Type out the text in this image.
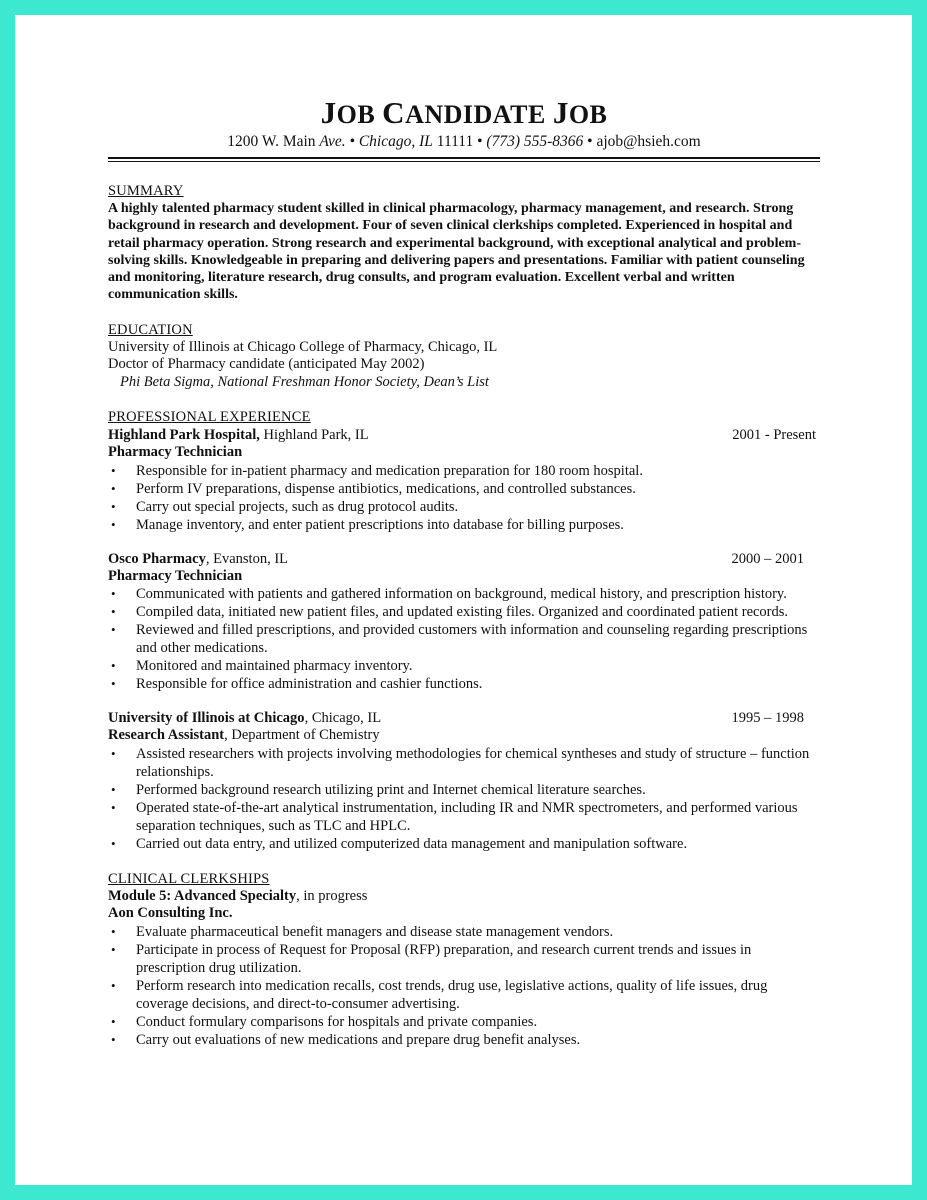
JOB CANDIDATE JOB
1200 W. Main Ave. • Chicago, IL 11111 • (773) 555-8366 • ajob@hsieh.com
SUMMARY
A highly talented pharmacy student skilled in clinical pharmacology, pharmacy management, and research. Strong background in research and development. Four of seven clinical clerkships completed. Experienced in hospital and retail pharmacy operation. Strong research and experimental background, with exceptional analytical and problem-solving skills. Knowledgeable in preparing and delivering papers and presentations. Familiar with patient counseling and monitoring, literature research, drug consults, and program evaluation. Excellent verbal and written communication skills.
EDUCATION
University of Illinois at Chicago College of Pharmacy, Chicago, IL
Doctor of Pharmacy candidate (anticipated May 2002)
Phi Beta Sigma, National Freshman Honor Society, Dean’s List
PROFESSIONAL EXPERIENCE
Highland Park Hospital, Highland Park, IL	2001 - Present
Pharmacy Technician
• Responsible for in-patient pharmacy and medication preparation for 180 room hospital.
• Perform IV preparations, dispense antibiotics, medications, and controlled substances.
• Carry out special projects, such as drug protocol audits.
• Manage inventory, and enter patient prescriptions into database for billing purposes.
Osco Pharmacy, Evanston, IL	2000 – 2001
Pharmacy Technician
• Communicated with patients and gathered information on background, medical history, and prescription history.
• Compiled data, initiated new patient files, and updated existing files. Organized and coordinated patient records.
• Reviewed and filled prescriptions, and provided customers with information and counseling regarding prescriptions and other medications.
• Monitored and maintained pharmacy inventory.
• Responsible for office administration and cashier functions.
University of Illinois at Chicago, Chicago, IL	1995 – 1998
Research Assistant, Department of Chemistry
• Assisted researchers with projects involving methodologies for chemical syntheses and study of structure – function relationships.
• Performed background research utilizing print and Internet chemical literature searches.
• Operated state-of-the-art analytical instrumentation, including IR and NMR spectrometers, and performed various separation techniques, such as TLC and HPLC.
• Carried out data entry, and utilized computerized data management and manipulation software.
CLINICAL CLERKSHIPS
Module 5: Advanced Specialty, in progress
Aon Consulting Inc.
• Evaluate pharmaceutical benefit managers and disease state management vendors.
• Participate in process of Request for Proposal (RFP) preparation, and research current trends and issues in prescription drug utilization.
• Perform research into medication recalls, cost trends, drug use, legislative actions, quality of life issues, drug coverage decisions, and direct-to-consumer advertising.
• Conduct formulary comparisons for hospitals and private companies.
• Carry out evaluations of new medications and prepare drug benefit analyses.
